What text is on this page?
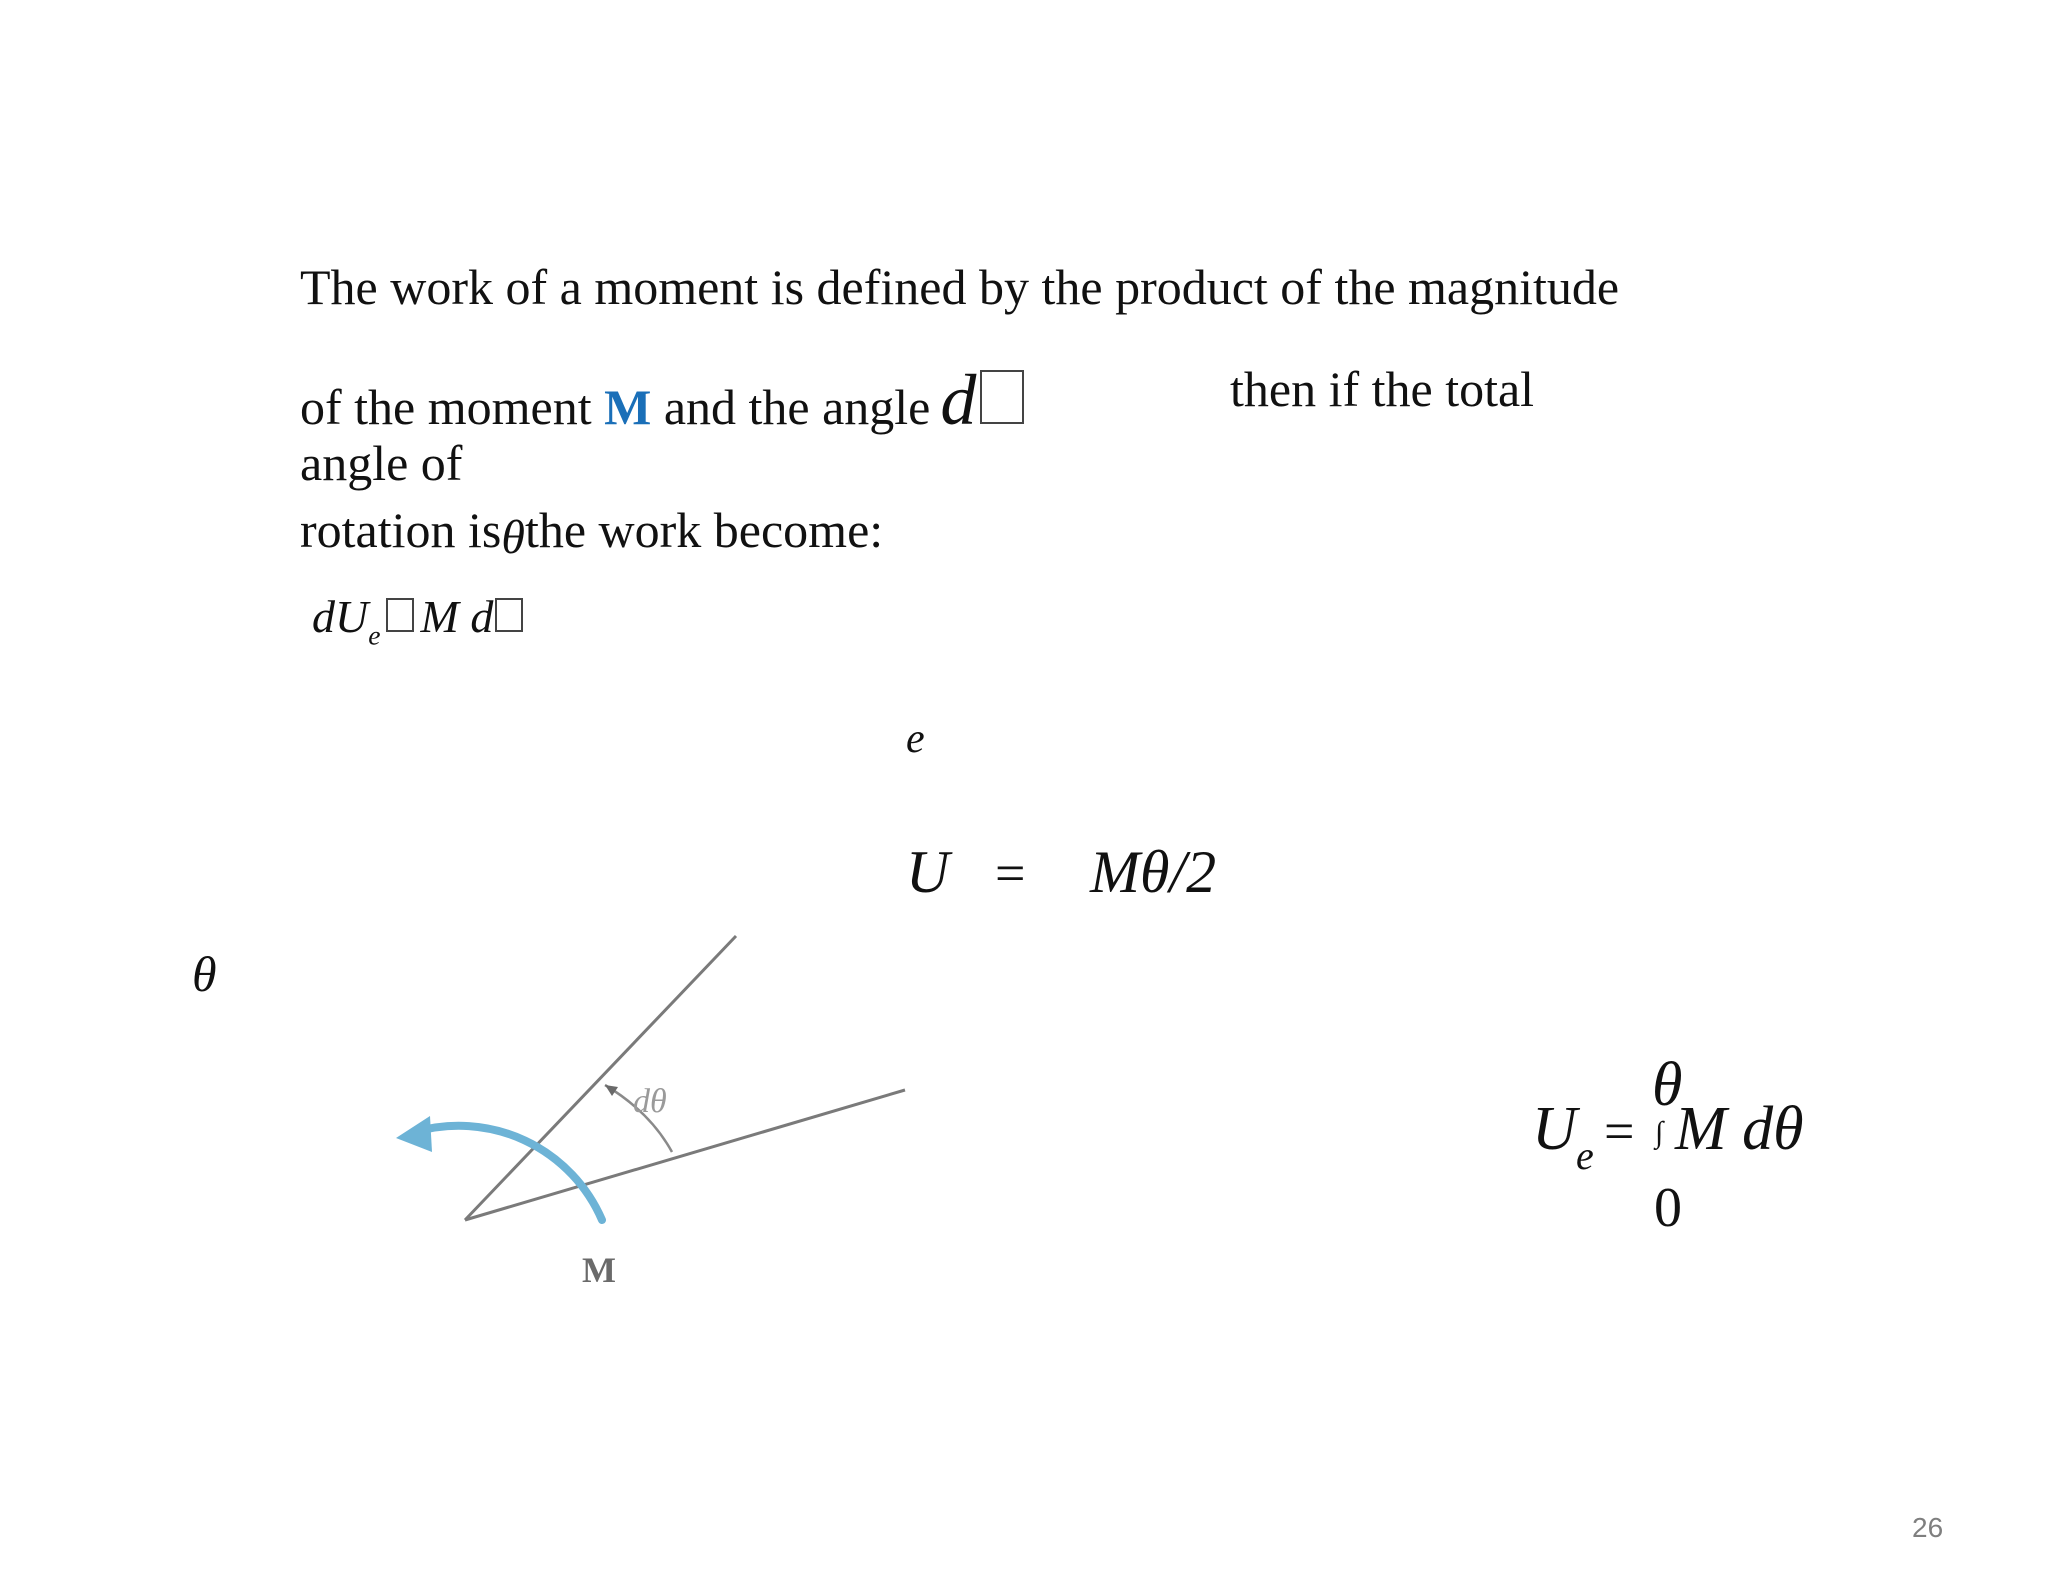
The work of a moment is defined by the product of the magnitude
of the moment M and the angle d	then if the total
angle of
rotation isθthe work become:
$dU_e$ M d
e
U = Mθ/2
θ
dθ
M
U e =
θ
∫ M dθ
0
26
